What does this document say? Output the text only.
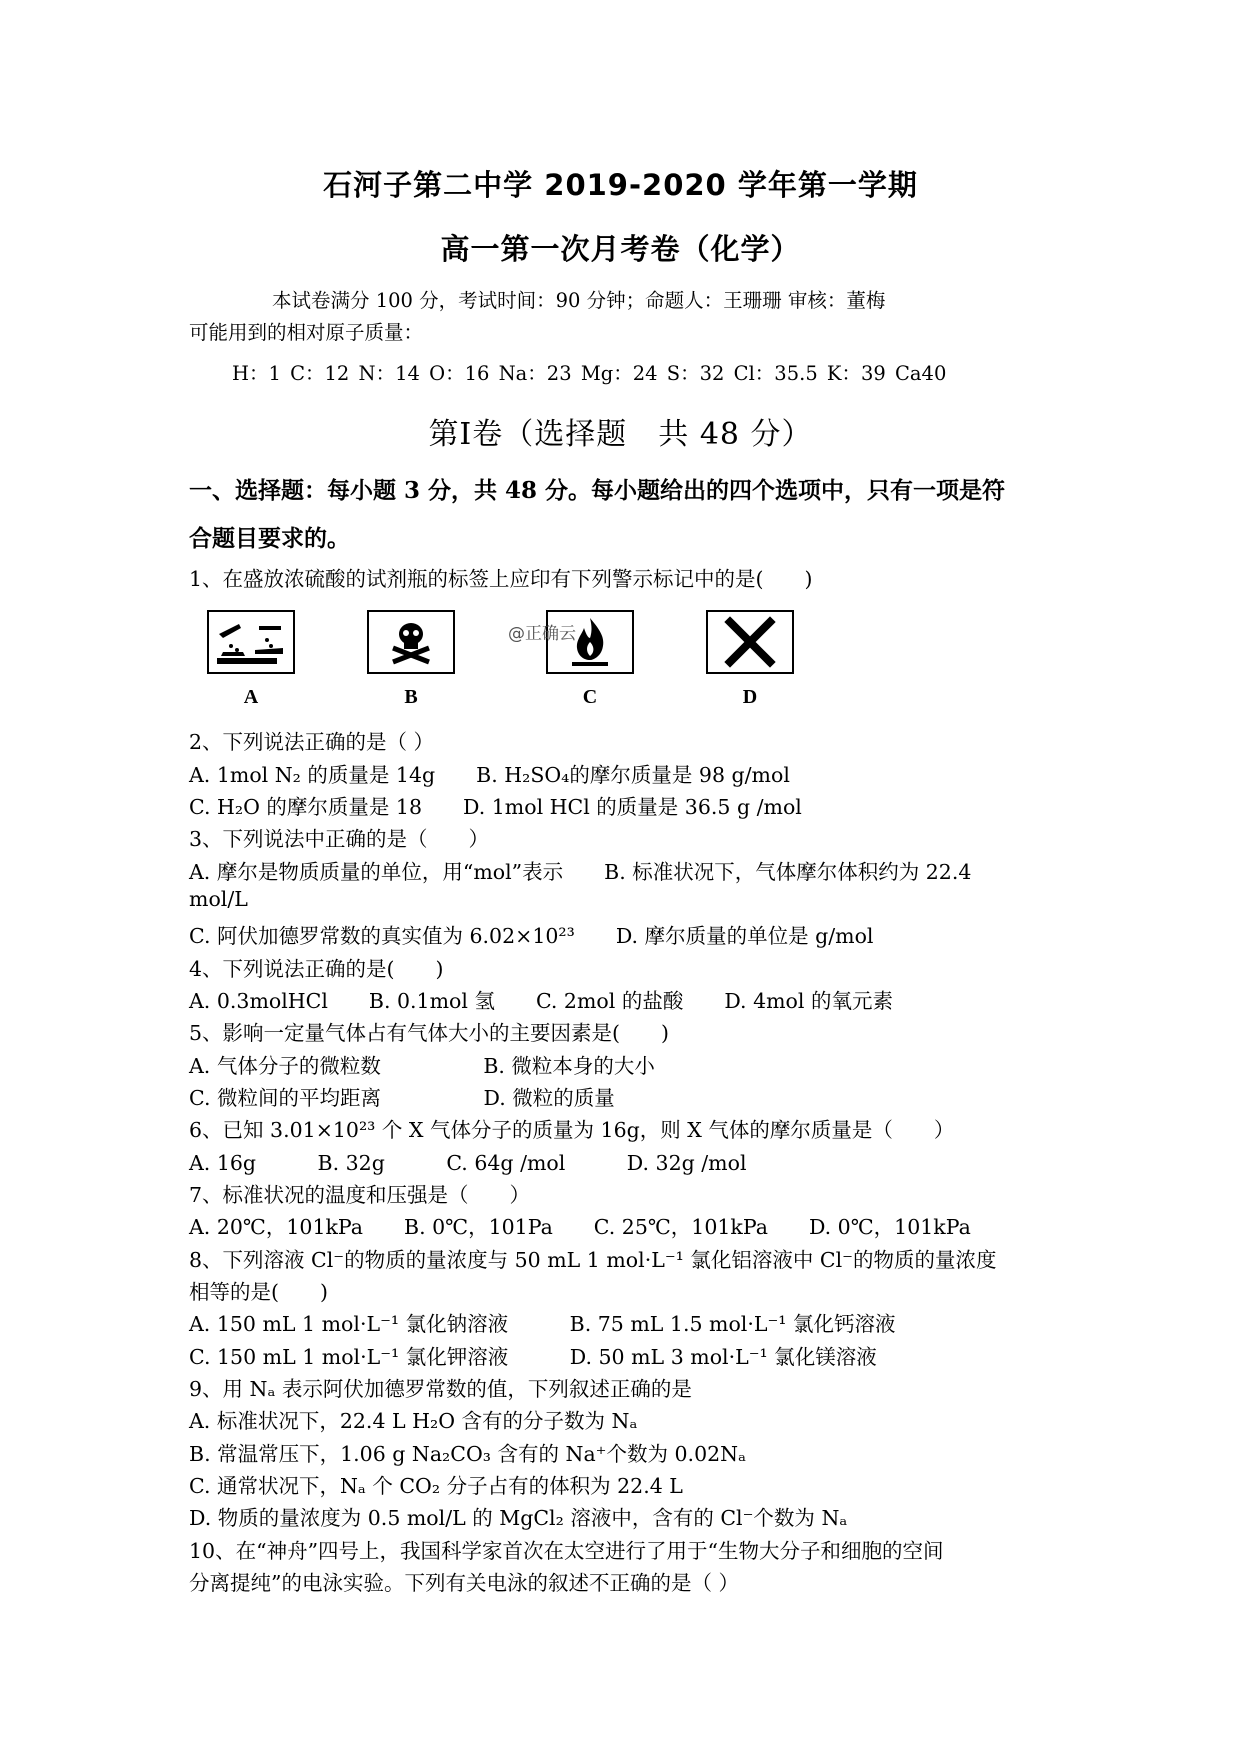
石河子第二中学 2019-2020 学年第一学期
高一第一次月考卷（化学）
本试卷满分 100 分，考试时间：90 分钟；命题人：王珊珊 审核：董梅
可能用到的相对原子质量：
H：1 C：12 N：14 O：16 Na：23 Mg：24 S：32 Cl：35.5 K：39 Ca40
第Ⅰ卷（选择题　共 48 分）
一、选择题：每小题 3 分，共 48 分。每小题给出的四个选项中，只有一项是符
合题目要求的。
1、在盛放浓硫酸的试剂瓶的标签上应印有下列警示标记中的是(　　)
A	B	C
@正确云
D
2、下列说法正确的是（ ）
A. 1mol N₂ 的质量是 14g　　B. H₂SO₄的摩尔质量是 98 g/mol
C. H₂O 的摩尔质量是 18　　D. 1mol HCl 的质量是 36.5 g /mol
3、下列说法中正确的是（　　）
A. 摩尔是物质质量的单位，用“mol”表示　　B. 标准状况下，气体摩尔体积约为 22.4
mol/L
C. 阿伏加德罗常数的真实值为 6.02×10²³　　D. 摩尔质量的单位是 g/mol
4、下列说法正确的是(　　)
A. 0.3molHCl　　B. 0.1mol 氢　　C. 2mol 的盐酸　　D. 4mol 的氧元素
5、影响一定量气体占有气体大小的主要因素是(　　)
A. 气体分子的微粒数　　　　　B. 微粒本身的大小
C. 微粒间的平均距离　　　　　D. 微粒的质量
6、已知 3.01×10²³ 个 X 气体分子的质量为 16g，则 X 气体的摩尔质量是（　　）
A. 16g　　　B. 32g　　　C. 64g /mol　　　D. 32g /mol
7、标准状况的温度和压强是（　　）
A. 20℃，101kPa　　B. 0℃，101Pa　　C. 25℃，101kPa　　D. 0℃，101kPa
8、下列溶液 Cl⁻的物质的量浓度与 50 mL 1 mol·L⁻¹ 氯化铝溶液中 Cl⁻的物质的量浓度
相等的是(　　)
A. 150 mL 1 mol·L⁻¹ 氯化钠溶液　　　B. 75 mL 1.5 mol·L⁻¹ 氯化钙溶液
C. 150 mL 1 mol·L⁻¹ 氯化钾溶液　　　D. 50 mL 3 mol·L⁻¹ 氯化镁溶液
9、用 Nₐ 表示阿伏加德罗常数的值，下列叙述正确的是
A. 标准状况下，22.4 L H₂O 含有的分子数为 Nₐ
B. 常温常压下，1.06 g Na₂CO₃ 含有的 Na⁺个数为 0.02Nₐ
C. 通常状况下，Nₐ 个 CO₂ 分子占有的体积为 22.4 L
D. 物质的量浓度为 0.5 mol/L 的 MgCl₂ 溶液中，含有的 Cl⁻个数为 Nₐ
10、在“神舟”四号上，我国科学家首次在太空进行了用于“生物大分子和细胞的空间
分离提纯”的电泳实验。下列有关电泳的叙述不正确的是（ ）
